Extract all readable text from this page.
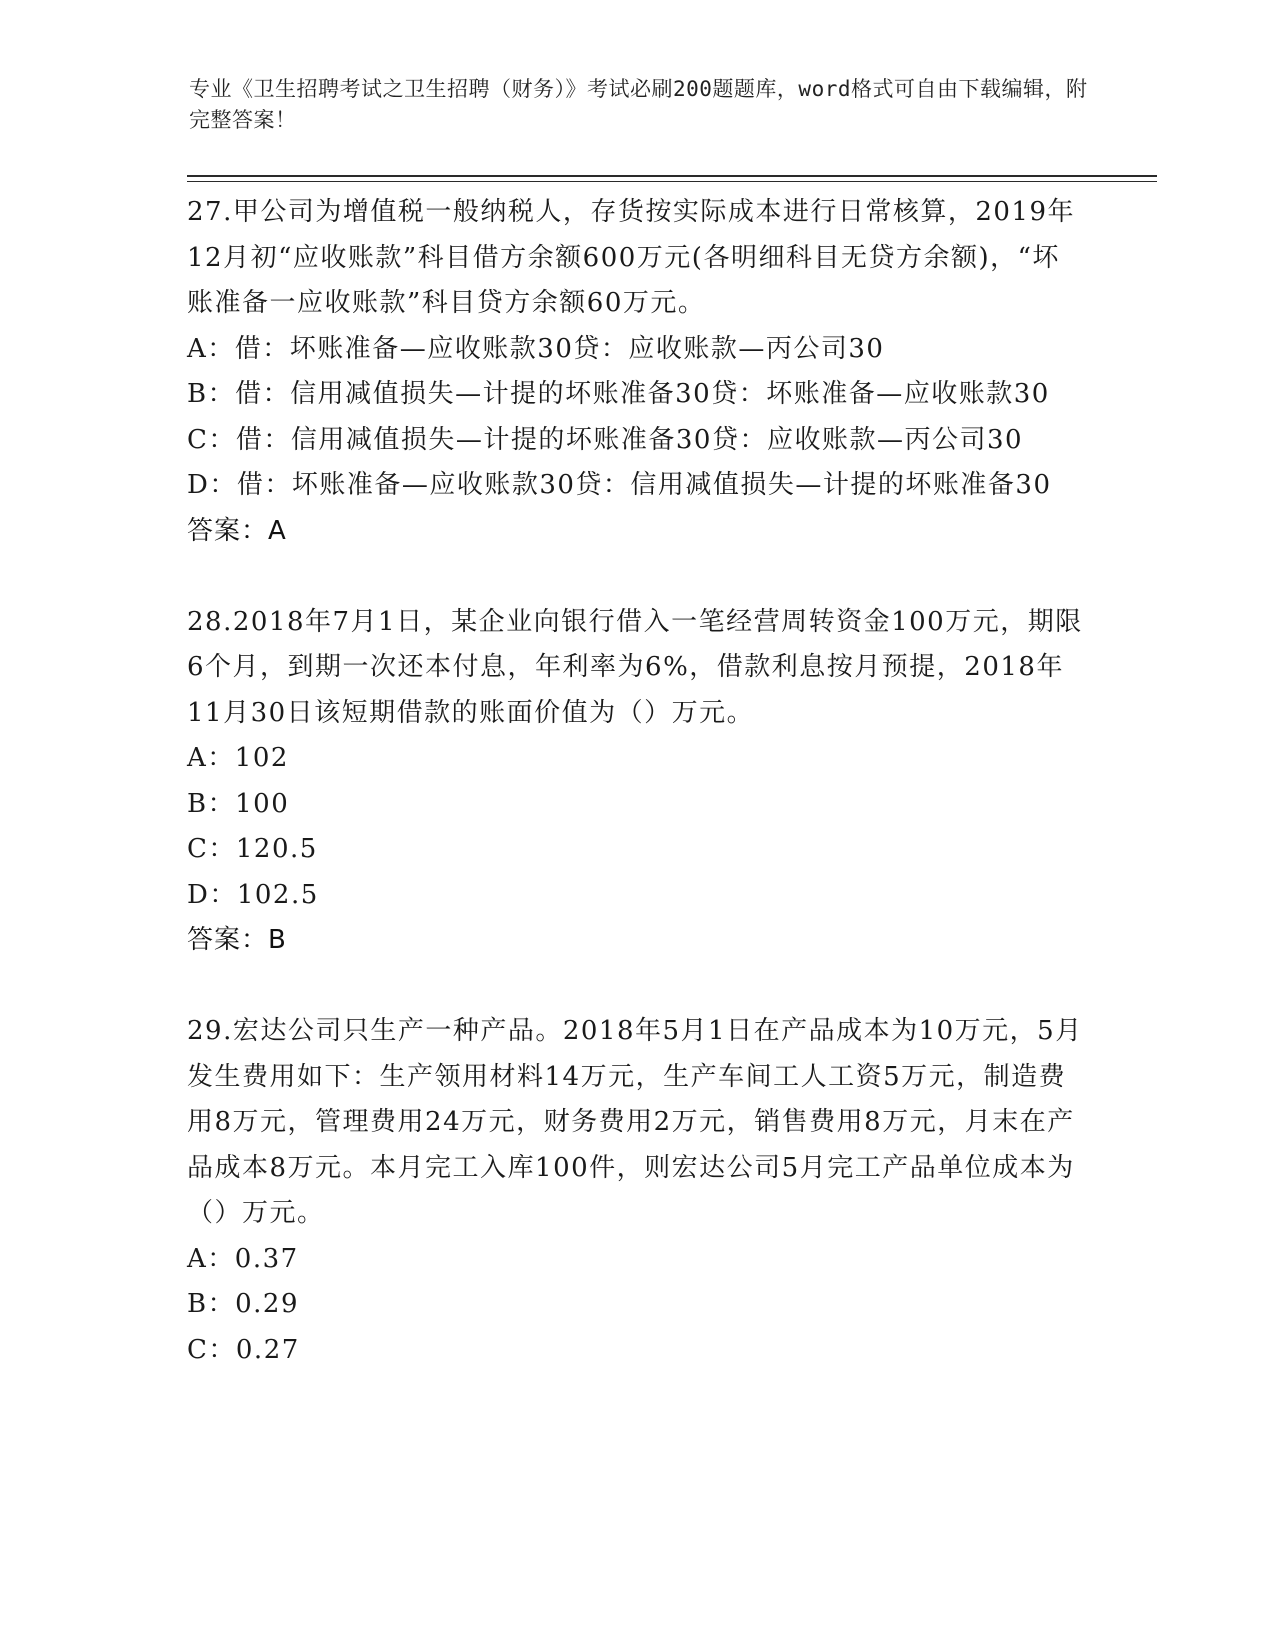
专业《卫生招聘考试之卫生招聘（财务）》考试必刷200题题库，word格式可自由下载编辑，附完整答案！
27.甲公司为增值税一般纳税人，存货按实际成本进行日常核算，2019年12月初“应收账款”科目借方余额600万元(各明细科目无贷方余额)，“坏账准备一应收账款”科目贷方余额60万元。
A：借：坏账准备—应收账款30贷：应收账款—丙公司30
B：借：信用减值损失—计提的坏账准备30贷：坏账准备—应收账款30
C：借：信用减值损失—计提的坏账准备30贷：应收账款—丙公司30
D：借：坏账准备—应收账款30贷：信用减值损失—计提的坏账准备30
答案：A
28.2018年7月1日，某企业向银行借入一笔经营周转资金100万元，期限6个月，到期一次还本付息，年利率为6%，借款利息按月预提，2018年11月30日该短期借款的账面价值为（）万元。
A：102
B：100
C：120.5
D：102.5
答案：B
29.宏达公司只生产一种产品。2018年5月1日在产品成本为10万元，5月发生费用如下：生产领用材料14万元，生产车间工人工资5万元，制造费用8万元，管理费用24万元，财务费用2万元，销售费用8万元，月末在产品成本8万元。本月完工入库100件，则宏达公司5月完工产品单位成本为（）万元。
A：0.37
B：0.29
C：0.27
